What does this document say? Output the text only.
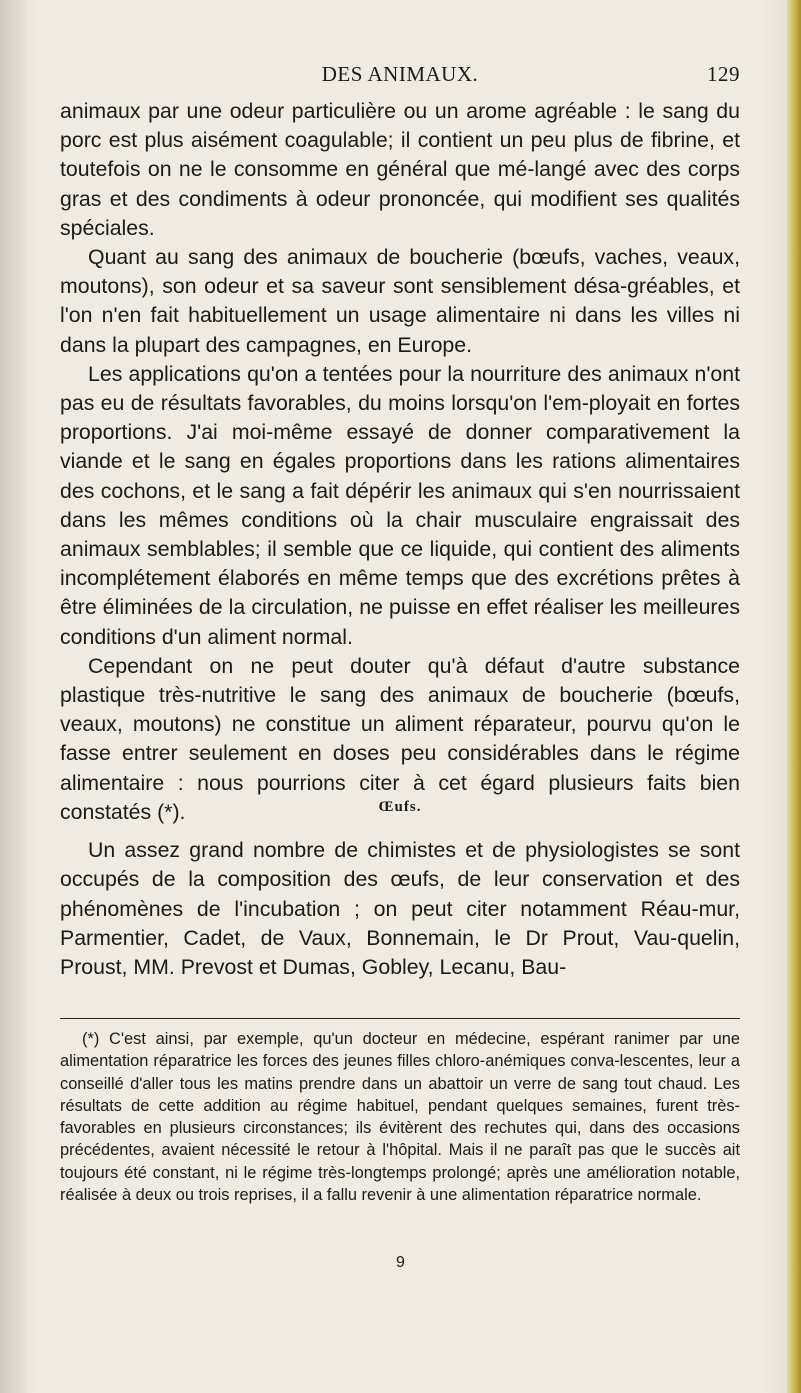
DES ANIMAUX.	129

animaux par une odeur particulière ou un arome agréable : le sang du porc est plus aisément coagulable; il contient un peu plus de fibrine, et toutefois on ne le consomme en général que mé-langé avec des corps gras et des condiments à odeur prononcée, qui modifient ses qualités spéciales.

Quant au sang des animaux de boucherie (bœufs, vaches, veaux, moutons), son odeur et sa saveur sont sensiblement désa-gréables, et l'on n'en fait habituellement un usage alimentaire ni dans les villes ni dans la plupart des campagnes, en Europe.

Les applications qu'on a tentées pour la nourriture des animaux n'ont pas eu de résultats favorables, du moins lorsqu'on l'em-ployait en fortes proportions. J'ai moi-même essayé de donner comparativement la viande et le sang en égales proportions dans les rations alimentaires des cochons, et le sang a fait dépérir les animaux qui s'en nourrissaient dans les mêmes conditions où la chair musculaire engraissait des animaux semblables; il semble que ce liquide, qui contient des aliments incomplétement élaborés en même temps que des excrétions prêtes à être éliminées de la circulation, ne puisse en effet réaliser les meilleures conditions d'un aliment normal.

Cependant on ne peut douter qu'à défaut d'autre substance plastique très-nutritive le sang des animaux de boucherie (bœufs, veaux, moutons) ne constitue un aliment réparateur, pourvu qu'on le fasse entrer seulement en doses peu considérables dans le régime alimentaire : nous pourrions citer à cet égard plusieurs faits bien constatés (*).	Œufs.

Un assez grand nombre de chimistes et de physiologistes se sont occupés de la composition des œufs, de leur conservation et des phénomènes de l'incubation ; on peut citer notamment Réau-mur, Parmentier, Cadet, de Vaux, Bonnemain, le Dr Prout, Vau-quelin, Proust, MM. Prevost et Dumas, Gobley, Lecanu, Bau-

(*) C'est ainsi, par exemple, qu'un docteur en médecine, espérant ranimer par une alimentation réparatrice les forces des jeunes filles chloro-anémiques conva-lescentes, leur a conseillé d'aller tous les matins prendre dans un abattoir un verre de sang tout chaud. Les résultats de cette addition au régime habituel, pendant quelques semaines, furent très-favorables en plusieurs circonstances; ils évitèrent des rechutes qui, dans des occasions précédentes, avaient nécessité le retour à l'hôpital. Mais il ne paraît pas que le succès ait toujours été constant, ni le régime très-longtemps prolongé; après une amélioration notable, réalisée à deux ou trois reprises, il a fallu revenir à une alimentation réparatrice normale.

9
